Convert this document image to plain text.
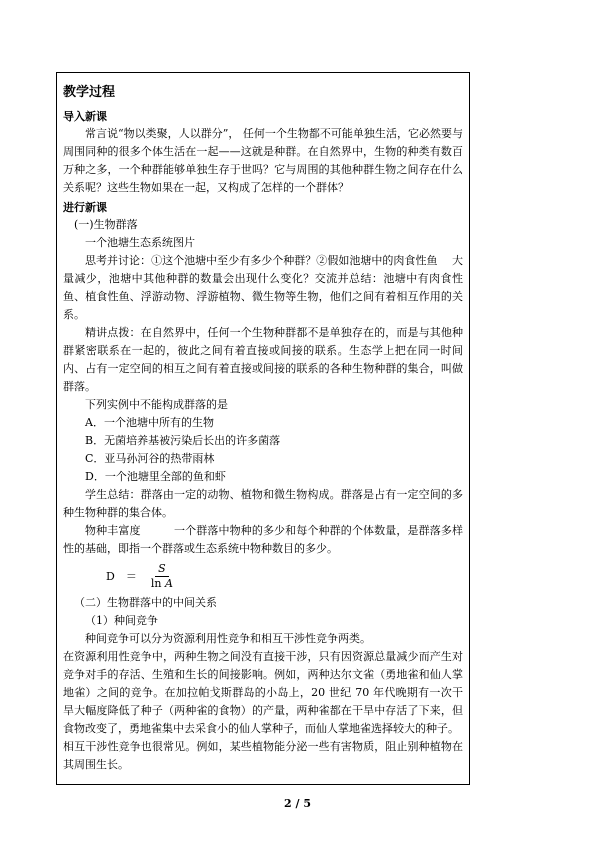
教学过程
导入新课

常言说“物以类聚，人以群分”， 任何一个生物都不可能单独生活，它必然要与周围同种的很多个体生活在一起——这就是种群。在自然界中，生物的种类有数百万种之多，一个种群能够单独生存于世吗？它与周围的其他种群生物之间存在什么关系呢？这些生物如果在一起，又构成了怎样的一个群体？

进行新课

(一)生物群落

一个池塘生态系统图片

思考并讨论：①这个池塘中至少有多少个种群？②假如池塘中的肉食性鱼　 大量减少，池塘中其他种群的数量会出现什么变化？交流并总结：池塘中有肉食性鱼、植食性鱼、浮游动物、浮游植物、微生物等生物，他们之间有着相互作用的关系。

精讲点拨：在自然界中，任何一个生物种群都不是单独存在的，而是与其他种群紧密联系在一起的，彼此之间有着直接或间接的联系。生态学上把在同一时间内、占有一定空间的相互之间有着直接或间接的联系的各种生物种群的集合，叫做群落。

下列实例中不能构成群落的是

A．一个池塘中所有的生物

B．无菌培养基被污染后长出的许多菌落

C．亚马孙河谷的热带雨林

D．一个池塘里全部的鱼和虾

学生总结：群落由一定的动物、植物和微生物构成。群落是占有一定空间的多种生物种群的集合体。

物种丰富度　　　一个群落中物种的多少和每个种群的个体数量，是群落多样性的基础，即指一个群落或生态系统中物种数目的多少。

D　＝ $\frac{S}{\text{ln A}}$

（二）生物群落中的中间关系

（1）种间竞争

种间竞争可以分为资源利用性竞争和相互干涉性竞争两类。

在资源利用性竞争中，两种生物之间没有直接干涉，只有因资源总量减少而产生对竞争对手的存活、生殖和生长的间接影响。例如，两种达尔文雀（勇地雀和仙人掌地雀）之间的竞争。在加拉帕戈斯群岛的小岛上，20 世纪 70 年代晚期有一次干旱大幅度降低了种子（两种雀的食物）的产量，两种雀都在干旱中存活了下来，但食物改变了，勇地雀集中去采食小的仙人掌种子，而仙人掌地雀选择较大的种子。

相互干涉性竞争也很常见。例如，某些植物能分泌一些有害物质，阻止别种植物在其周围生长。

2 / 5
